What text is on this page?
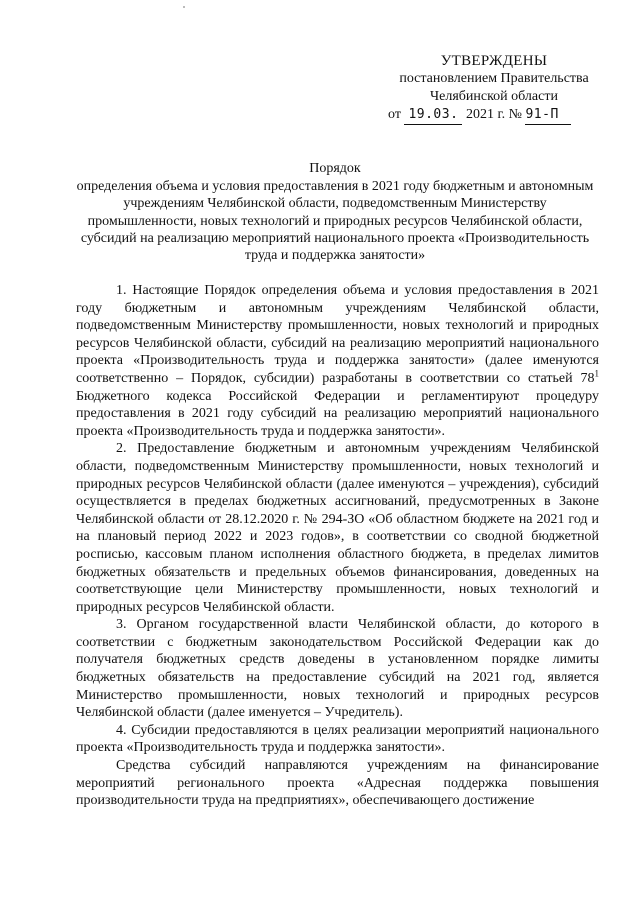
УТВЕРЖДЕНЫ
постановлением Правительства
Челябинской области
от 19.03. 2021 г. № 91-П
Порядок
определения объема и условия предоставления в 2021 году бюджетным и автономным учреждениям Челябинской области, подведомственным Министерству промышленности, новых технологий и природных ресурсов Челябинской области, субсидий на реализацию мероприятий национального проекта «Производительность труда и поддержка занятости»

1. Настоящие Порядок определения объема и условия предоставления в 2021 году бюджетным и автономным учреждениям Челябинской области, подведомственным Министерству промышленности, новых технологий и природных ресурсов Челябинской области, субсидий на реализацию мероприятий национального проекта «Производительность труда и поддержка занятости» (далее именуются соответственно – Порядок, субсидии) разработаны в соответствии со статьей $78^1$ Бюджетного кодекса Российской Федерации и регламентируют процедуру предоставления в 2021 году субсидий на реализацию мероприятий национального проекта «Производительность труда и поддержка занятости».

2. Предоставление бюджетным и автономным учреждениям Челябинской области, подведомственным Министерству промышленности, новых технологий и природных ресурсов Челябинской области (далее именуются – учреждения), субсидий осуществляется в пределах бюджетных ассигнований, предусмотренных в Законе Челябинской области от 28.12.2020 г. № 294-ЗО «Об областном бюджете на 2021 год и на плановый период 2022 и 2023 годов», в соответствии со сводной бюджетной росписью, кассовым планом исполнения областного бюджета, в пределах лимитов бюджетных обязательств и предельных объемов финансирования, доведенных на соответствующие цели Министерству промышленности, новых технологий и природных ресурсов Челябинской области.

3. Органом государственной власти Челябинской области, до которого в соответствии с бюджетным законодательством Российской Федерации как до получателя бюджетных средств доведены в установленном порядке лимиты бюджетных обязательств на предоставление субсидий на 2021 год, является Министерство промышленности, новых технологий и природных ресурсов Челябинской области (далее именуется – Учредитель).

4. Субсидии предоставляются в целях реализации мероприятий национального проекта «Производительность труда и поддержка занятости».

Средства субсидий направляются учреждениям на финансирование мероприятий регионального проекта «Адресная поддержка повышения производительности труда на предприятиях», обеспечивающего достижение
